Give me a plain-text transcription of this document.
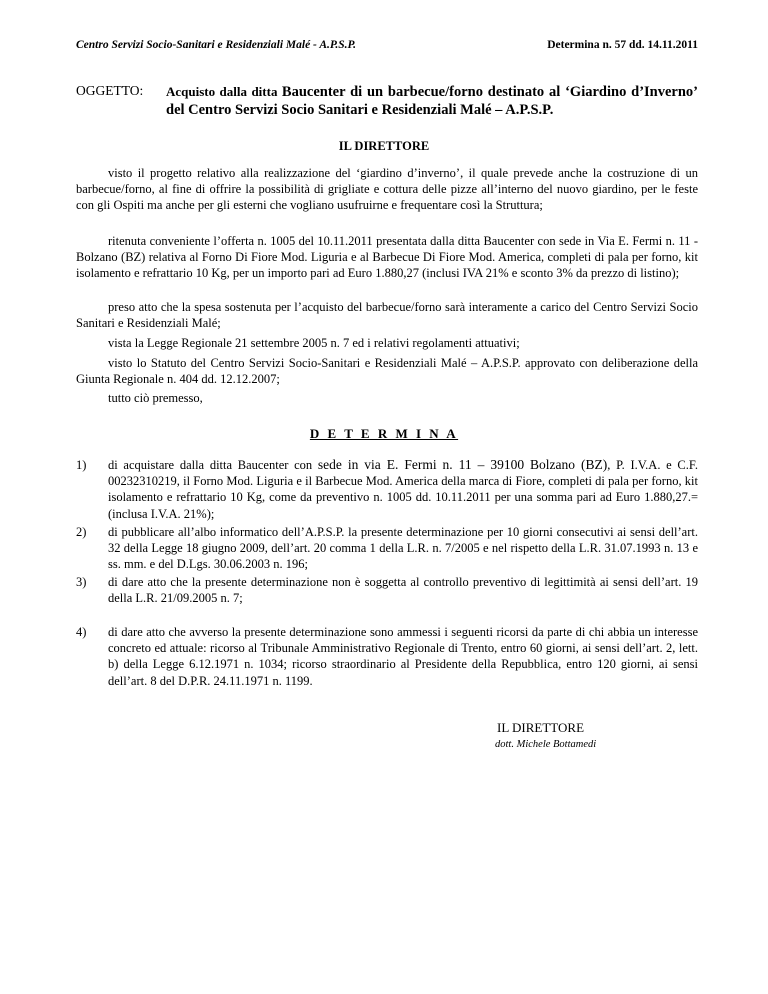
Centro Servizi Socio-Sanitari e Residenziali Malé - A.P.S.P.	Determina n. 57 dd. 14.11.2011
OGGETTO: Acquisto dalla ditta Baucenter di un barbecue/forno destinato al ‘Giardino d’Inverno’ del Centro Servizi Socio Sanitari e Residenziali Malé – A.P.S.P.
IL DIRETTORE
visto il progetto relativo alla realizzazione del ‘giardino d’inverno’, il quale prevede anche la costruzione di un barbecue/forno, al fine di offrire la possibilità di grigliate e cottura delle pizze all’interno del nuovo giardino, per le feste con gli Ospiti ma anche per gli esterni che vogliano usufruirne e frequentare così la Struttura;
ritenuta conveniente l’offerta n. 1005 del 10.11.2011 presentata dalla ditta Baucenter con sede in Via E. Fermi n. 11 - Bolzano (BZ) relativa al Forno Di Fiore Mod. Liguria e al Barbecue Di Fiore Mod. America, completi di pala per forno, kit isolamento e refrattario 10 Kg, per un importo pari ad Euro 1.880,27 (inclusi IVA 21% e sconto 3% da prezzo di listino);
preso atto che la spesa sostenuta per l’acquisto del barbecue/forno sarà interamente a carico del Centro Servizi Socio Sanitari e Residenziali Malé;
vista la Legge Regionale 21 settembre 2005 n. 7 ed i relativi regolamenti attuativi;
visto lo Statuto del Centro Servizi Socio-Sanitari e Residenziali Malé – A.P.S.P. approvato con deliberazione della Giunta Regionale n. 404 dd. 12.12.2007;
tutto ciò premesso,
D E T E R M I N A
1) di acquistare dalla ditta Baucenter con sede in via E. Fermi n. 11 – 39100 Bolzano (BZ), P. I.V.A. e C.F. 00232310219, il Forno Mod. Liguria e il Barbecue Mod. America della marca di Fiore, completi di pala per forno, kit isolamento e refrattario 10 Kg, come da preventivo n. 1005 dd. 10.11.2011 per una somma pari ad Euro 1.880,27.= (inclusa I.V.A. 21%);
2) di pubblicare all’albo informatico dell’A.P.S.P. la presente determinazione per 10 giorni consecutivi ai sensi dell’art. 32 della Legge 18 giugno 2009, dell’art. 20 comma 1 della L.R. n. 7/2005 e nel rispetto della L.R. 31.07.1993 n. 13 e ss. mm. e del D.Lgs. 30.06.2003 n. 196;
3) di dare atto che la presente determinazione non è soggetta al controllo preventivo di legittimità ai sensi dell’art. 19 della L.R. 21/09.2005 n. 7;
4) di dare atto che avverso la presente determinazione sono ammessi i seguenti ricorsi da parte di chi abbia un interesse concreto ed attuale: ricorso al Tribunale Amministrativo Regionale di Trento, entro 60 giorni, ai sensi dell’art. 2, lett. b) della Legge 6.12.1971 n. 1034; ricorso straordinario al Presidente della Repubblica, entro 120 giorni, ai sensi dell’art. 8 del D.P.R. 24.11.1971 n. 1199.
IL DIRETTORE
dott. Michele Bottamedi
